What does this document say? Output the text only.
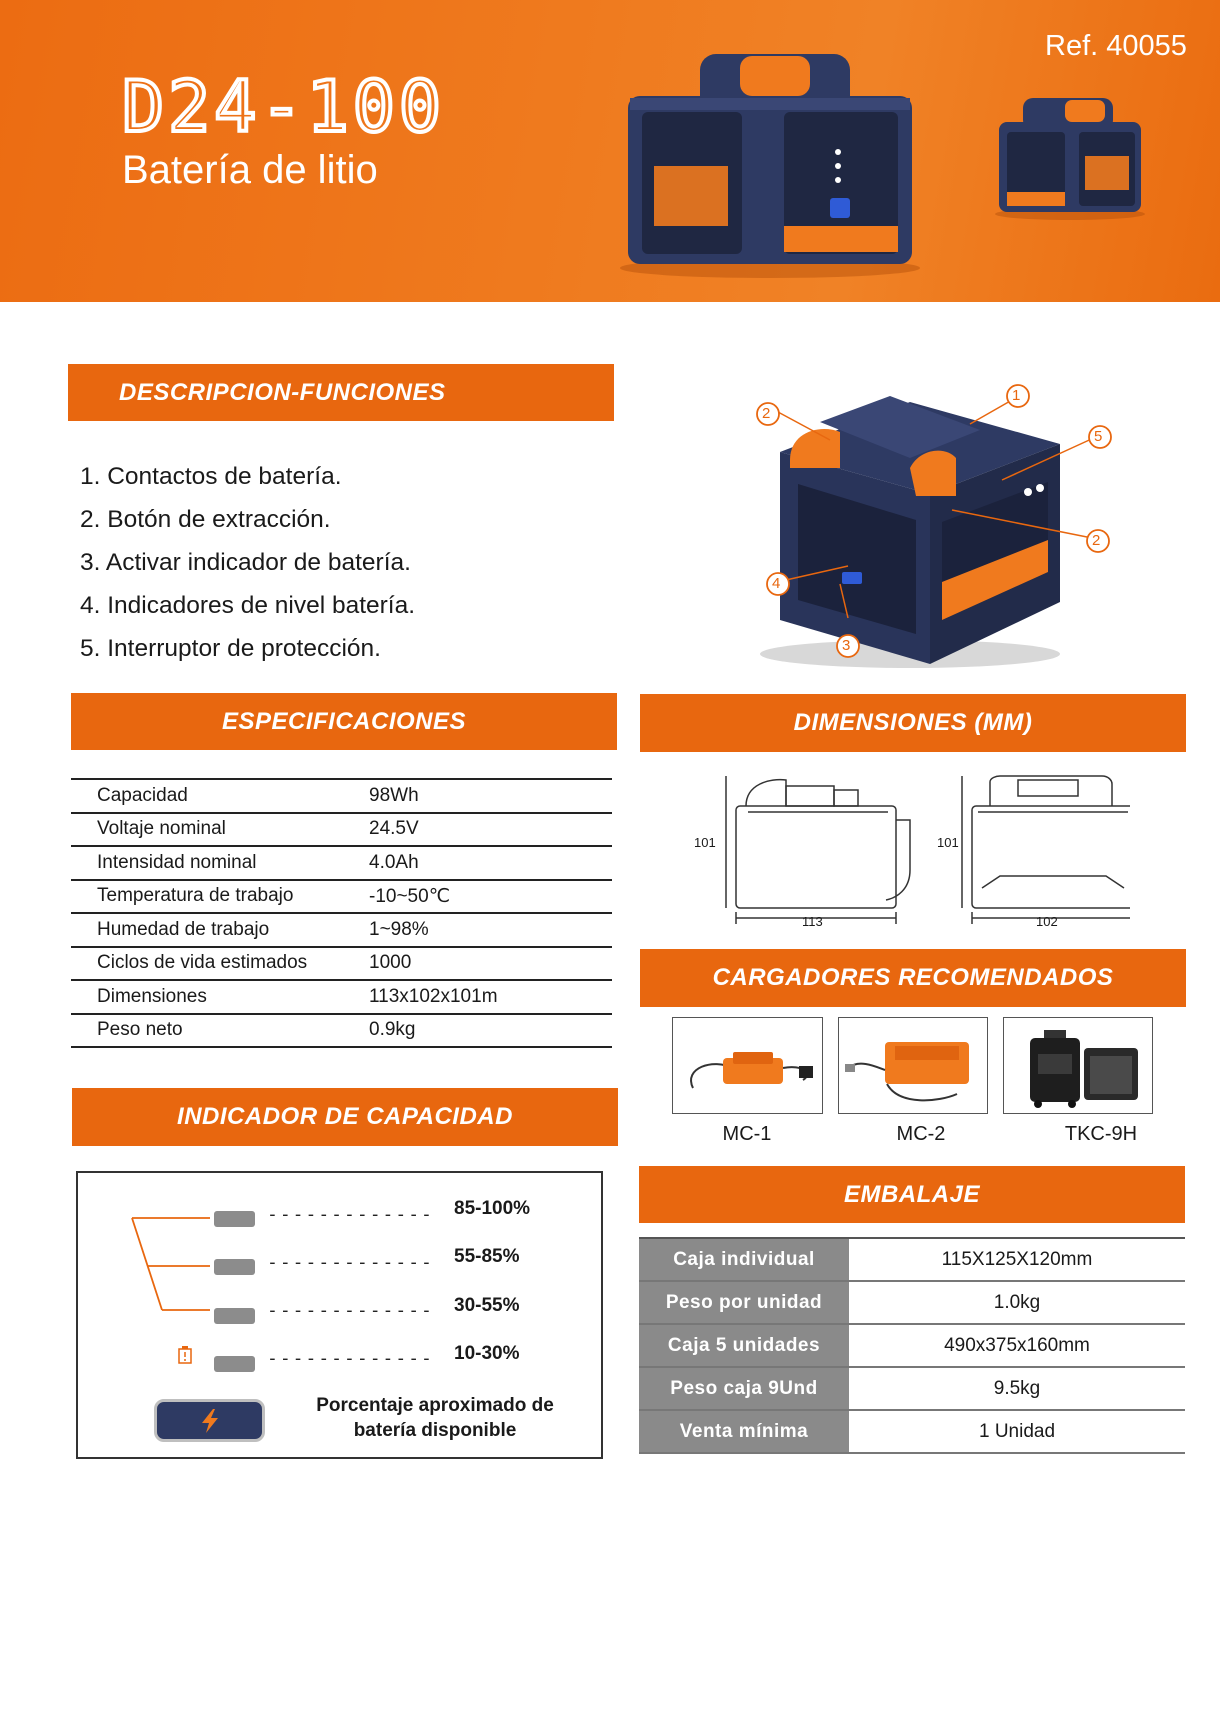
D24-100
Batería de litio
Ref. 40055
DESCRIPCION-FUNCIONES
1. Contactos de batería.
2. Botón de extracción.
3. Activar indicador de batería.
4. Indicadores de nivel batería.
5. Interruptor de protección.
1
2
5
2
4
3
ESPECIFICACIONES
Capacidad	98Wh
Voltaje nominal	24.5V
Intensidad nominal	4.0Ah
Temperatura de trabajo	-10~50℃
Humedad de trabajo	1~98%
Ciclos de vida estimados	1000
Dimensiones	113x102x101m
Peso neto	0.9kg
DIMENSIONES (MM)
101
113
101
102
CARGADORES RECOMENDADOS
MC-1	MC-2	TKC-9H
INDICADOR DE CAPACIDAD
------------- 85-100%
------------- 55-85%
------------- 30-55%
------------- 10-30%
Porcentaje aproximado de
batería disponible
EMBALAJE
Caja individual	115X125X120mm
Peso por unidad	1.0kg
Caja 5 unidades	490x375x160mm
Peso caja 9Und	9.5kg
Venta mínima	1 Unidad
